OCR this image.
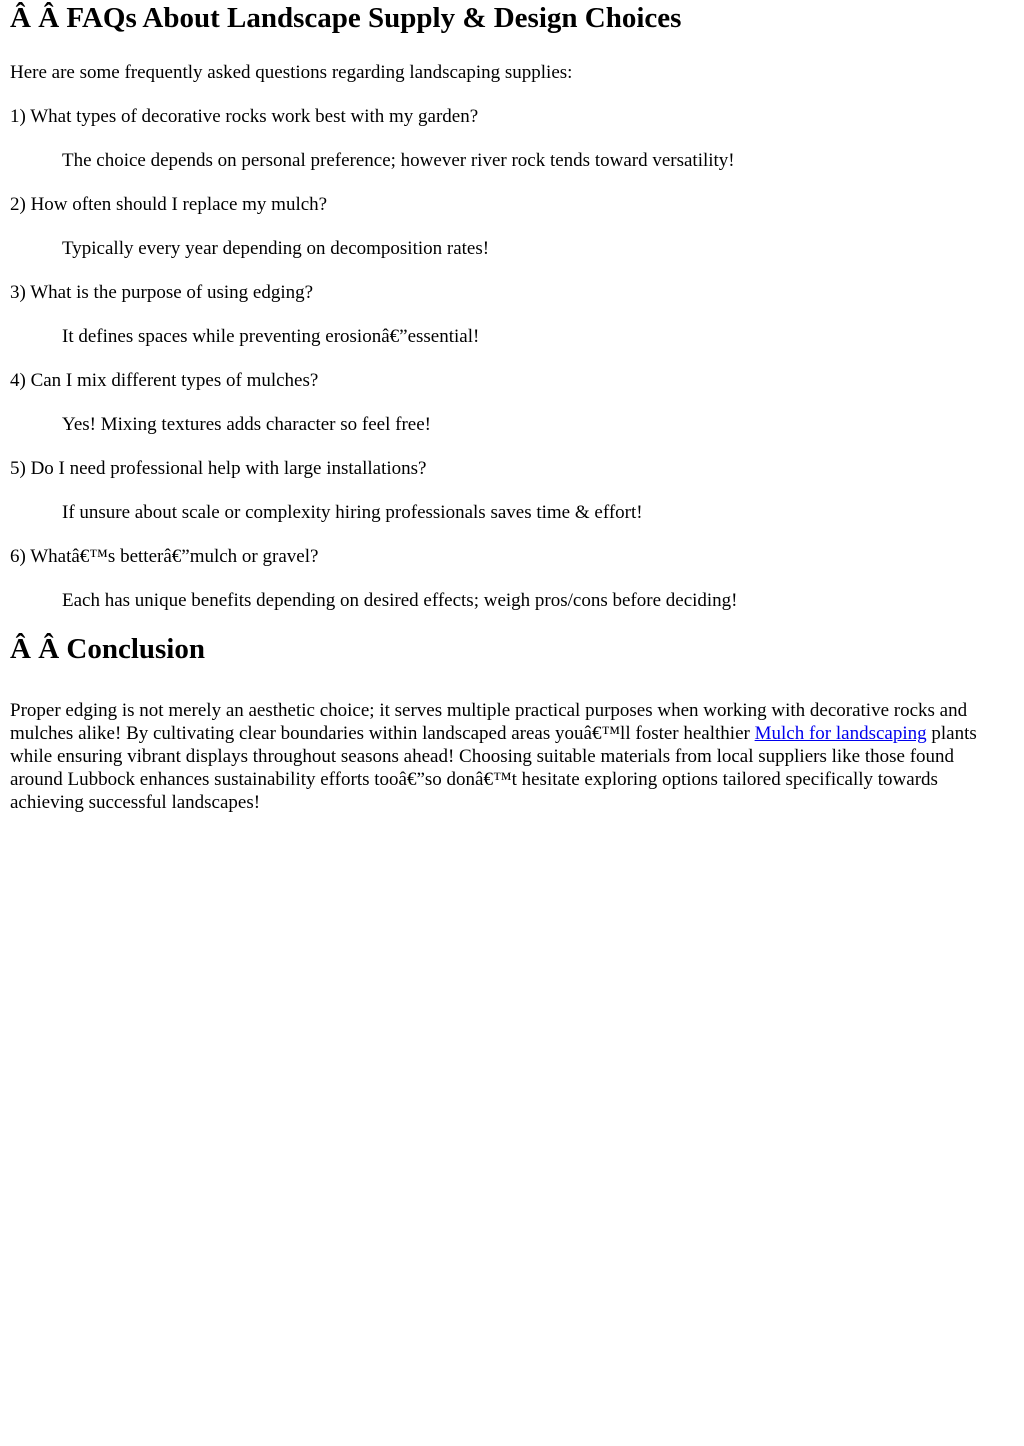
Â Â FAQs About Landscape Supply & Design Choices

Here are some frequently asked questions regarding landscaping supplies:

1) What types of decorative rocks work best with my garden?

The choice depends on personal preference; however river rock tends toward versatility!

2) How often should I replace my mulch?

Typically every year depending on decomposition rates!

3) What is the purpose of using edging?

It defines spaces while preventing erosionâ€”essential!

4) Can I mix different types of mulches?

Yes! Mixing textures adds character so feel free!

5) Do I need professional help with large installations?

If unsure about scale or complexity hiring professionals saves time & effort!

6) Whatâ€™s betterâ€”mulch or gravel?

Each has unique benefits depending on desired effects; weigh pros/cons before deciding!

Â Â Conclusion

Proper edging is not merely an aesthetic choice; it serves multiple practical purposes when working with decorative rocks and mulches alike! By cultivating clear boundaries within landscaped areas youâ€™ll foster healthier Mulch for landscaping plants while ensuring vibrant displays throughout seasons ahead! Choosing suitable materials from local suppliers like those found around Lubbock enhances sustainability efforts tooâ€”so donâ€™t hesitate exploring options tailored specifically towards achieving successful landscapes!
